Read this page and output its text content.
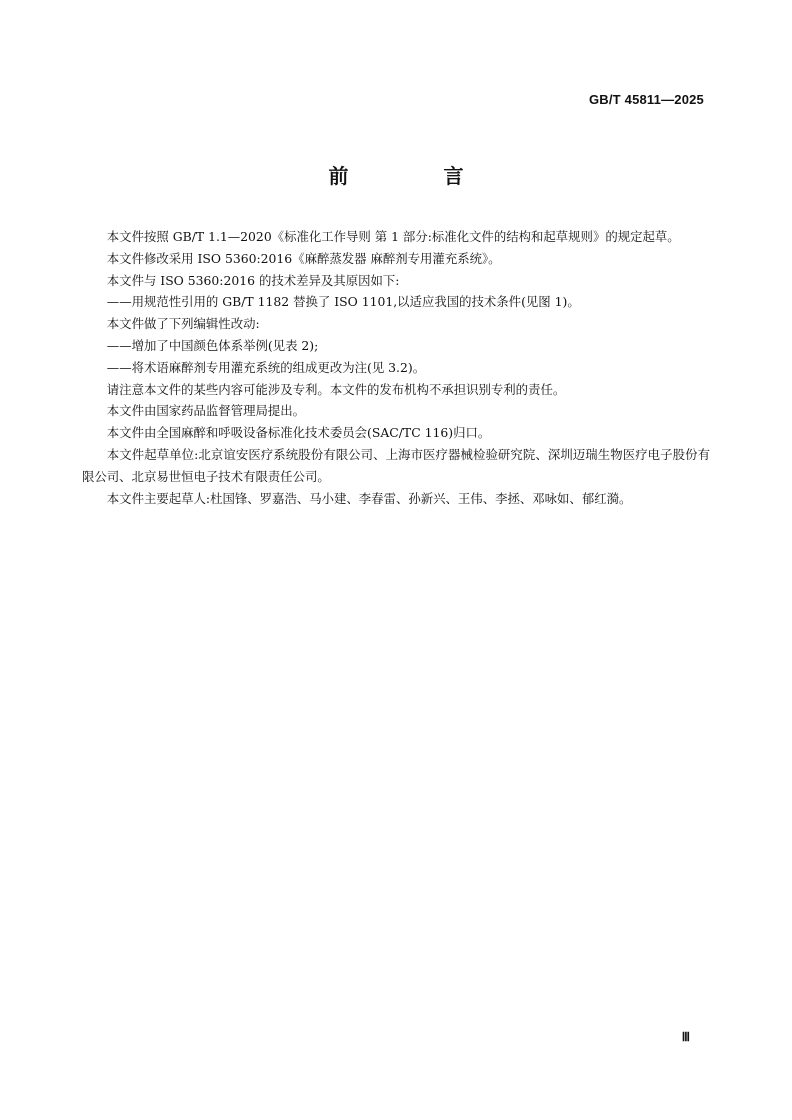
GB/T 45811—2025
前 言

本文件按照 GB/T 1.1—2020《标准化工作导则 第 1 部分:标准化文件的结构和起草规则》的规定起草。

本文件修改采用 ISO 5360:2016《麻醉蒸发器 麻醉剂专用灌充系统》。

本文件与 ISO 5360:2016 的技术差异及其原因如下:

——用规范性引用的 GB/T 1182 替换了 ISO 1101,以适应我国的技术条件(见图 1)。

本文件做了下列编辑性改动:

——增加了中国颜色体系举例(见表 2);

——将术语麻醉剂专用灌充系统的组成更改为注(见 3.2)。

请注意本文件的某些内容可能涉及专利。本文件的发布机构不承担识别专利的责任。

本文件由国家药品监督管理局提出。

本文件由全国麻醉和呼吸设备标准化技术委员会(SAC/TC 116)归口。

本文件起草单位:北京谊安医疗系统股份有限公司、上海市医疗器械检验研究院、深圳迈瑞生物医疗电子股份有限公司、北京易世恒电子技术有限责任公司。

本文件主要起草人:杜国锋、罗嘉浩、马小建、李春雷、孙新兴、王伟、李拯、邓咏如、郁红漪。

Ⅲ
